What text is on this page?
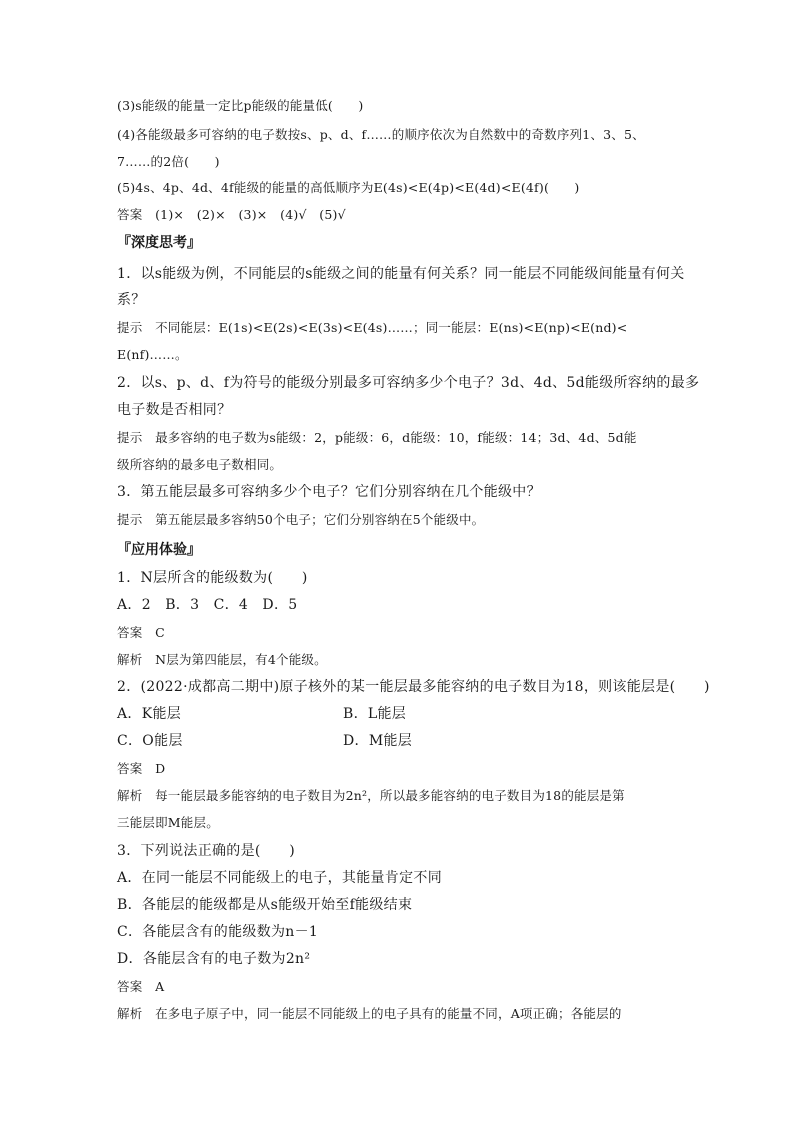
(3)s能级的能量一定比p能级的能量低(　　)
(4)各能级最多可容纳的电子数按s、p、d、f……的顺序依次为自然数中的奇数序列1、3、5、
7……的2倍(　　)
(5)4s、4p、4d、4f能级的能量的高低顺序为E(4s)<E(4p)<E(4d)<E(4f)(　　)
答案　(1)×　(2)×　(3)×　(4)√　(5)√
『深度思考』
1．以s能级为例，不同能层的s能级之间的能量有何关系？同一能层不同能级间能量有何关
系？
提示　不同能层：E(1s)<E(2s)<E(3s)<E(4s)……；同一能层：E(ns)<E(np)<E(nd)<
E(nf)……。
2．以s、p、d、f为符号的能级分别最多可容纳多少个电子？3d、4d、5d能级所容纳的最多
电子数是否相同？
提示　最多容纳的电子数为s能级：2，p能级：6，d能级：10，f能级：14；3d、4d、5d能
级所容纳的最多电子数相同。
3．第五能层最多可容纳多少个电子？它们分别容纳在几个能级中？
提示　第五能层最多容纳50个电子；它们分别容纳在5个能级中。
『应用体验』
1．N层所含的能级数为(　　)
A．2　B．3　C．4　D．5
答案　C
解析　N层为第四能层，有4个能级。
2．(2022·成都高二期中)原子核外的某一能层最多能容纳的电子数目为18，则该能层是(　　)
A．K能层	B．L能层
C．O能层	D．M能层
答案　D
解析　每一能层最多能容纳的电子数目为2n²，所以最多能容纳的电子数目为18的能层是第
三能层即M能层。
3．下列说法正确的是(　　)
A．在同一能层不同能级上的电子，其能量肯定不同
B．各能层的能级都是从s能级开始至f能级结束
C．各能层含有的能级数为n－1
D．各能层含有的电子数为2n²
答案　A
解析　在多电子原子中，同一能层不同能级上的电子具有的能量不同，A项正确；各能层的
